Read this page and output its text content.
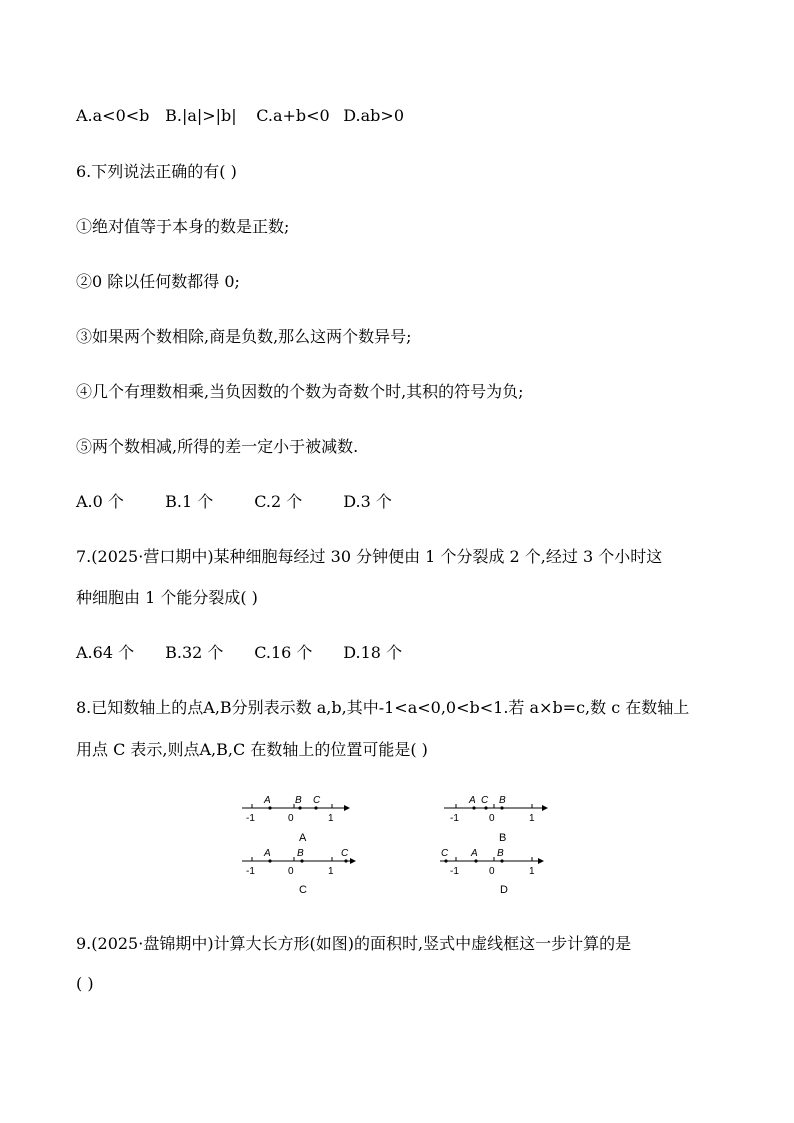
A.a<0<b B.|a|>|b| C.a+b<0 D.ab>0
6.下列说法正确的有( )
①绝对值等于本身的数是正数;
②0 除以任何数都得 0;
③如果两个数相除,商是负数,那么这两个数异号;
④几个有理数相乘,当负因数的个数为奇数个时,其积的符号为负;
⑤两个数相减,所得的差一定小于被减数.
A.0 个	B.1 个	C.2 个	D.3 个
7.(2025·营口期中)某种细胞每经过 30 分钟便由 1 个分裂成 2 个,经过 3 个小时这
种细胞由 1 个能分裂成( )
A.64 个 B.32 个 C.16 个 D.18 个
8.已知数轴上的点A,B分别表示数 a,b,其中-1<a<0,0<b<1.若 a×b=c,数 c 在数轴上
用点 C 表示,则点A,B,C 在数轴上的位置可能是( )
A B C
-1	0	1
A
A C B
-1	0	1
B
A	B	C
-1	0	1
C
C A B
-1	0	1
D
9.(2025·盘锦期中)计算大长方形(如图)的面积时,竖式中虚线框这一步计算的是
( )
